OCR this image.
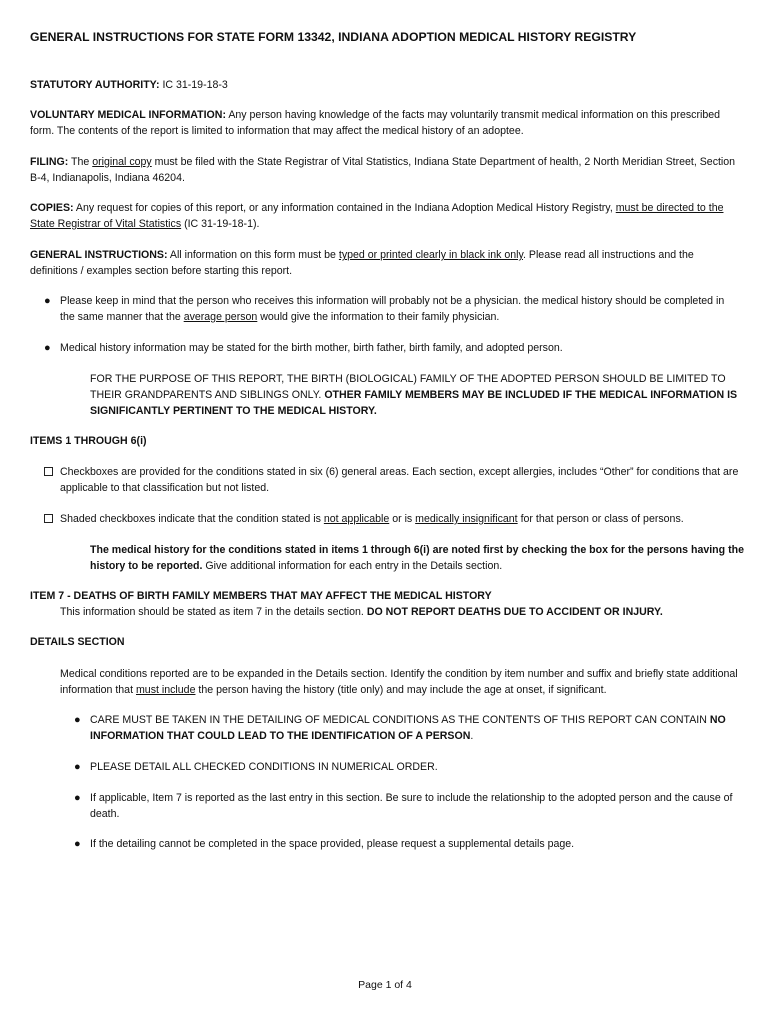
GENERAL INSTRUCTIONS FOR STATE FORM 13342, INDIANA ADOPTION MEDICAL HISTORY REGISTRY

STATUTORY AUTHORITY: IC 31-19-18-3

VOLUNTARY MEDICAL INFORMATION: Any person having knowledge of the facts may voluntarily transmit medical information on this prescribed form. The contents of the report is limited to information that may affect the medical history of an adoptee.

FILING: The original copy must be filed with the State Registrar of Vital Statistics, Indiana State Department of health, 2 North Meridian Street, Section B-4, Indianapolis, Indiana 46204.

COPIES: Any request for copies of this report, or any information contained in the Indiana Adoption Medical History Registry, must be directed to the State Registrar of Vital Statistics (IC 31-19-18-1).

GENERAL INSTRUCTIONS: All information on this form must be typed or printed clearly in black ink only. Please read all instructions and the definitions / examples section before starting this report.

● Please keep in mind that the person who receives this information will probably not be a physician. the medical history should be completed in the same manner that the average person would give the information to their family physician.
● Medical history information may be stated for the birth mother, birth father, birth family, and adopted person.

FOR THE PURPOSE OF THIS REPORT, THE BIRTH (BIOLOGICAL) FAMILY OF THE ADOPTED PERSON SHOULD BE LIMITED TO THEIR GRANDPARENTS AND SIBLINGS ONLY. OTHER FAMILY MEMBERS MAY BE INCLUDED IF THE MEDICAL INFORMATION IS SIGNIFICANTLY PERTINENT TO THE MEDICAL HISTORY.

ITEMS 1 THROUGH 6(i)
Checkboxes are provided for the conditions stated in six (6) general areas. Each section, except allergies, includes “Other” for conditions that are applicable to that classification but not listed.
Shaded checkboxes indicate that the condition stated is not applicable or is medically insignificant for that person or class of persons.

The medical history for the conditions stated in items 1 through 6(i) are noted first by checking the box for the persons having the history to be reported. Give additional information for each entry in the Details section.

ITEM 7 - DEATHS OF BIRTH FAMILY MEMBERS THAT MAY AFFECT THE MEDICAL HISTORY

This information should be stated as item 7 in the details section. DO NOT REPORT DEATHS DUE TO ACCIDENT OR INJURY.

DETAILS SECTION

Medical conditions reported are to be expanded in the Details section. Identify the condition by item number and suffix and briefly state additional information that must include the person having the history (title only) and may include the age at onset, if significant.

● CARE MUST BE TAKEN IN THE DETAILING OF MEDICAL CONDITIONS AS THE CONTENTS OF THIS REPORT CAN CONTAIN NO INFORMATION THAT COULD LEAD TO THE IDENTIFICATION OF A PERSON.
● PLEASE DETAIL ALL CHECKED CONDITIONS IN NUMERICAL ORDER.
● If applicable, Item 7 is reported as the last entry in this section. Be sure to include the relationship to the adopted person and the cause of death.
● If the detailing cannot be completed in the space provided, please request a supplemental details page.
Page 1 of 4
